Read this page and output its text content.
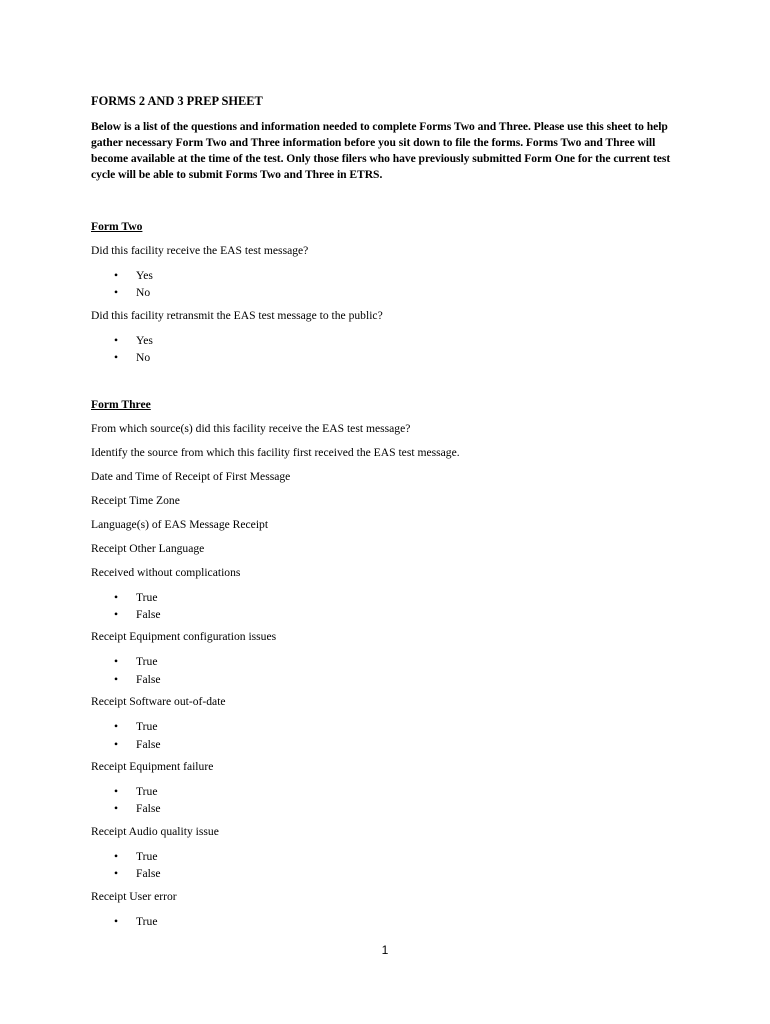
FORMS 2 AND 3 PREP SHEET
Below is a list of the questions and information needed to complete Forms Two and Three. Please use this sheet to help gather necessary Form Two and Three information before you sit down to file the forms. Forms Two and Three will become available at the time of the test. Only those filers who have previously submitted Form One for the current test cycle will be able to submit Forms Two and Three in ETRS.
Form Two
Did this facility receive the EAS test message?
• Yes
• No
Did this facility retransmit the EAS test message to the public?
• Yes
• No
Form Three
From which source(s) did this facility receive the EAS test message?
Identify the source from which this facility first received the EAS test message.
Date and Time of Receipt of First Message
Receipt Time Zone
Language(s) of EAS Message Receipt
Receipt Other Language
Received without complications
• True
• False
Receipt Equipment configuration issues
• True
• False
Receipt Software out-of-date
• True
• False
Receipt Equipment failure
• True
• False
Receipt Audio quality issue
• True
• False
Receipt User error
• True
1
